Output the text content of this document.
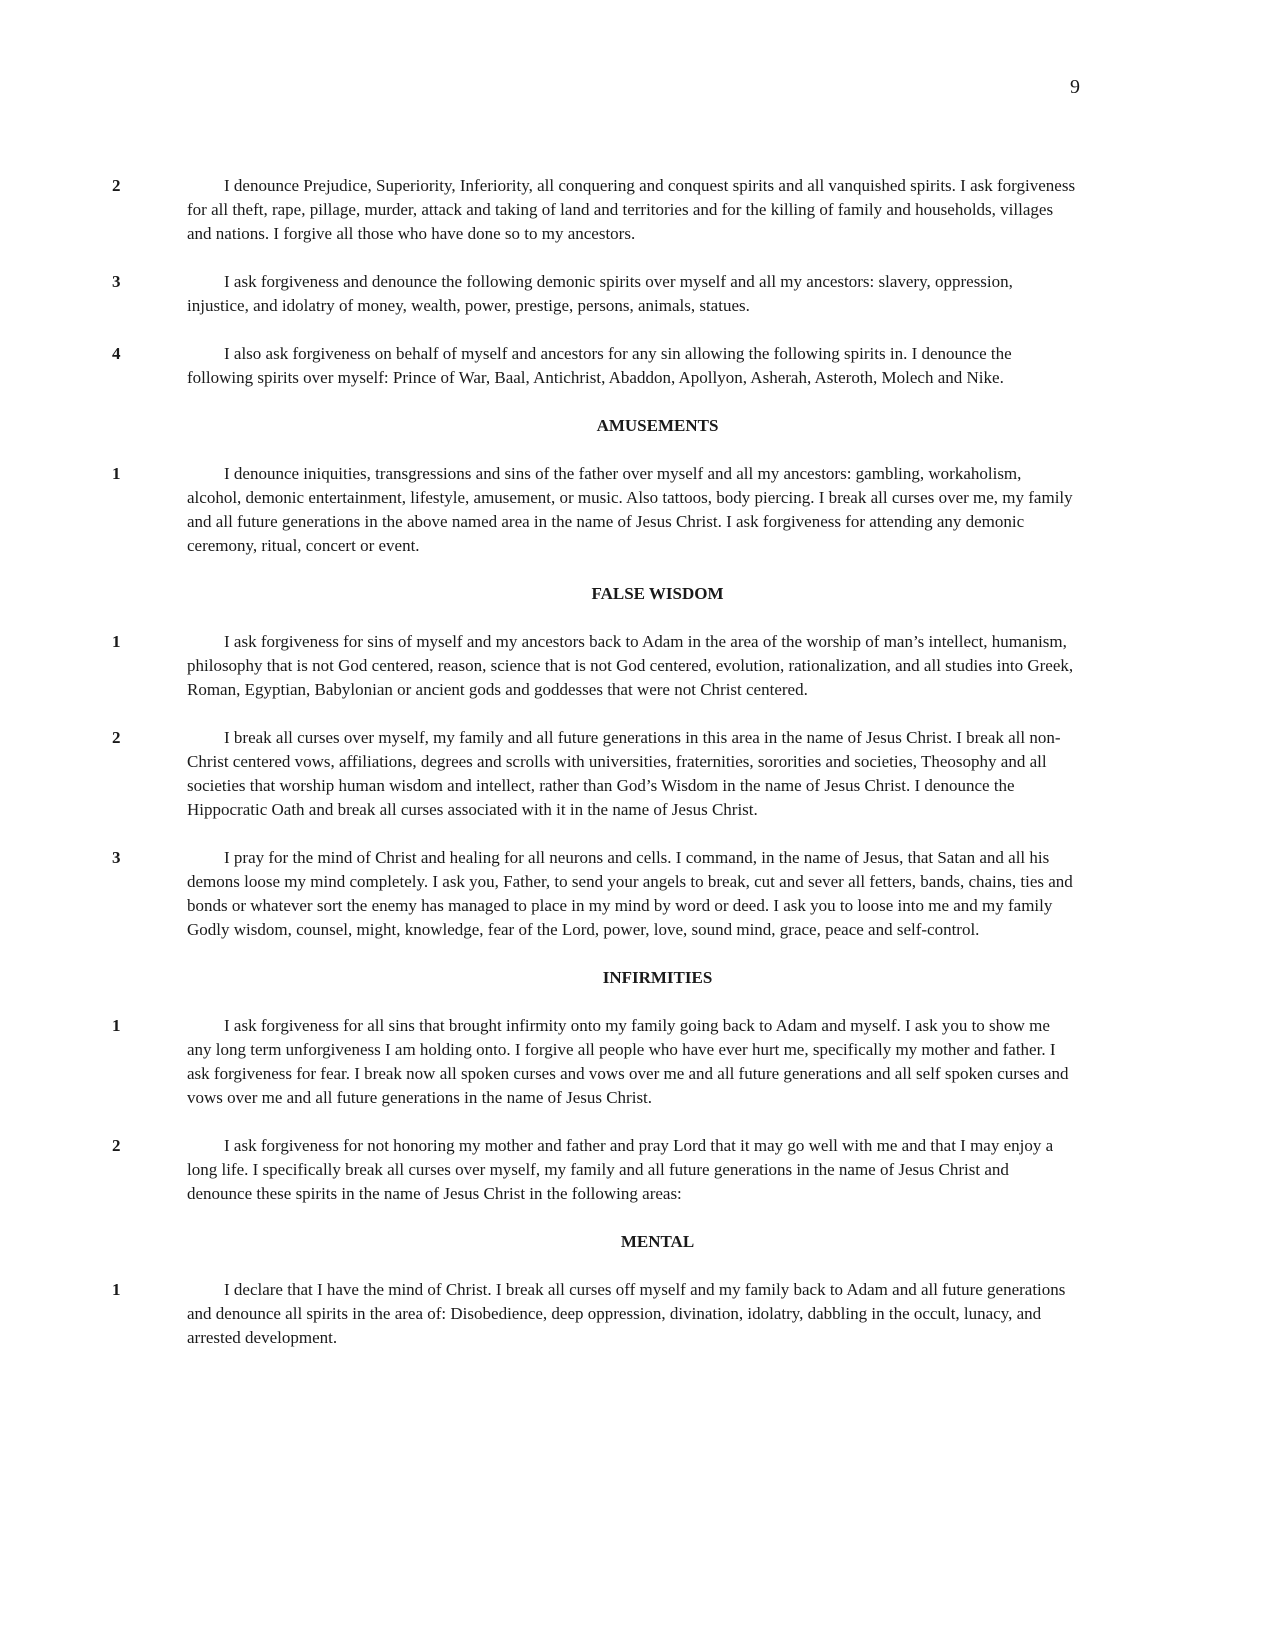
9
2	I denounce Prejudice, Superiority, Inferiority, all conquering and conquest spirits and all vanquished spirits. I ask forgiveness for all theft, rape, pillage, murder, attack and taking of land and territories and for the killing of family and households, villages and nations. I forgive all those who have done so to my ancestors.
3	I ask forgiveness and denounce the following demonic spirits over myself and all my ancestors: slavery, oppression, injustice, and idolatry of money, wealth, power, prestige, persons, animals, statues.
4	I also ask forgiveness on behalf of myself and ancestors for any sin allowing the following spirits in. I denounce the following spirits over myself: Prince of War, Baal, Antichrist, Abaddon, Apollyon, Asherah, Asteroth, Molech and Nike.
AMUSEMENTS
1	I denounce iniquities, transgressions and sins of the father over myself and all my ancestors: gambling, workaholism, alcohol, demonic entertainment, lifestyle, amusement, or music. Also tattoos, body piercing. I break all curses over me, my family and all future generations in the above named area in the name of Jesus Christ. I ask forgiveness for attending any demonic ceremony, ritual, concert or event.
FALSE WISDOM
1	I ask forgiveness for sins of myself and my ancestors back to Adam in the area of the worship of man’s intellect, humanism, philosophy that is not God centered, reason, science that is not God centered, evolution, rationalization, and all studies into Greek, Roman, Egyptian, Babylonian or ancient gods and goddesses that were not Christ centered.
2	I break all curses over myself, my family and all future generations in this area in the name of Jesus Christ. I break all non-Christ centered vows, affiliations, degrees and scrolls with universities, fraternities, sororities and societies, Theosophy and all societies that worship human wisdom and intellect, rather than God’s Wisdom in the name of Jesus Christ. I denounce the Hippocratic Oath and break all curses associated with it in the name of Jesus Christ.
3	I pray for the mind of Christ and healing for all neurons and cells. I command, in the name of Jesus, that Satan and all his demons loose my mind completely. I ask you, Father, to send your angels to break, cut and sever all fetters, bands, chains, ties and bonds or whatever sort the enemy has managed to place in my mind by word or deed. I ask you to loose into me and my family Godly wisdom, counsel, might, knowledge, fear of the Lord, power, love, sound mind, grace, peace and self-control.
INFIRMITIES
1	I ask forgiveness for all sins that brought infirmity onto my family going back to Adam and myself. I ask you to show me any long term unforgiveness I am holding onto. I forgive all people who have ever hurt me, specifically my mother and father. I ask forgiveness for fear. I break now all spoken curses and vows over me and all future generations and all self spoken curses and vows over me and all future generations in the name of Jesus Christ.
2	I ask forgiveness for not honoring my mother and father and pray Lord that it may go well with me and that I may enjoy a long life. I specifically break all curses over myself, my family and all future generations in the name of Jesus Christ and denounce these spirits in the name of Jesus Christ in the following areas:
MENTAL
1	I declare that I have the mind of Christ. I break all curses off myself and my family back to Adam and all future generations and denounce all spirits in the area of: Disobedience, deep oppression, divination, idolatry, dabbling in the occult, lunacy, and arrested development.
